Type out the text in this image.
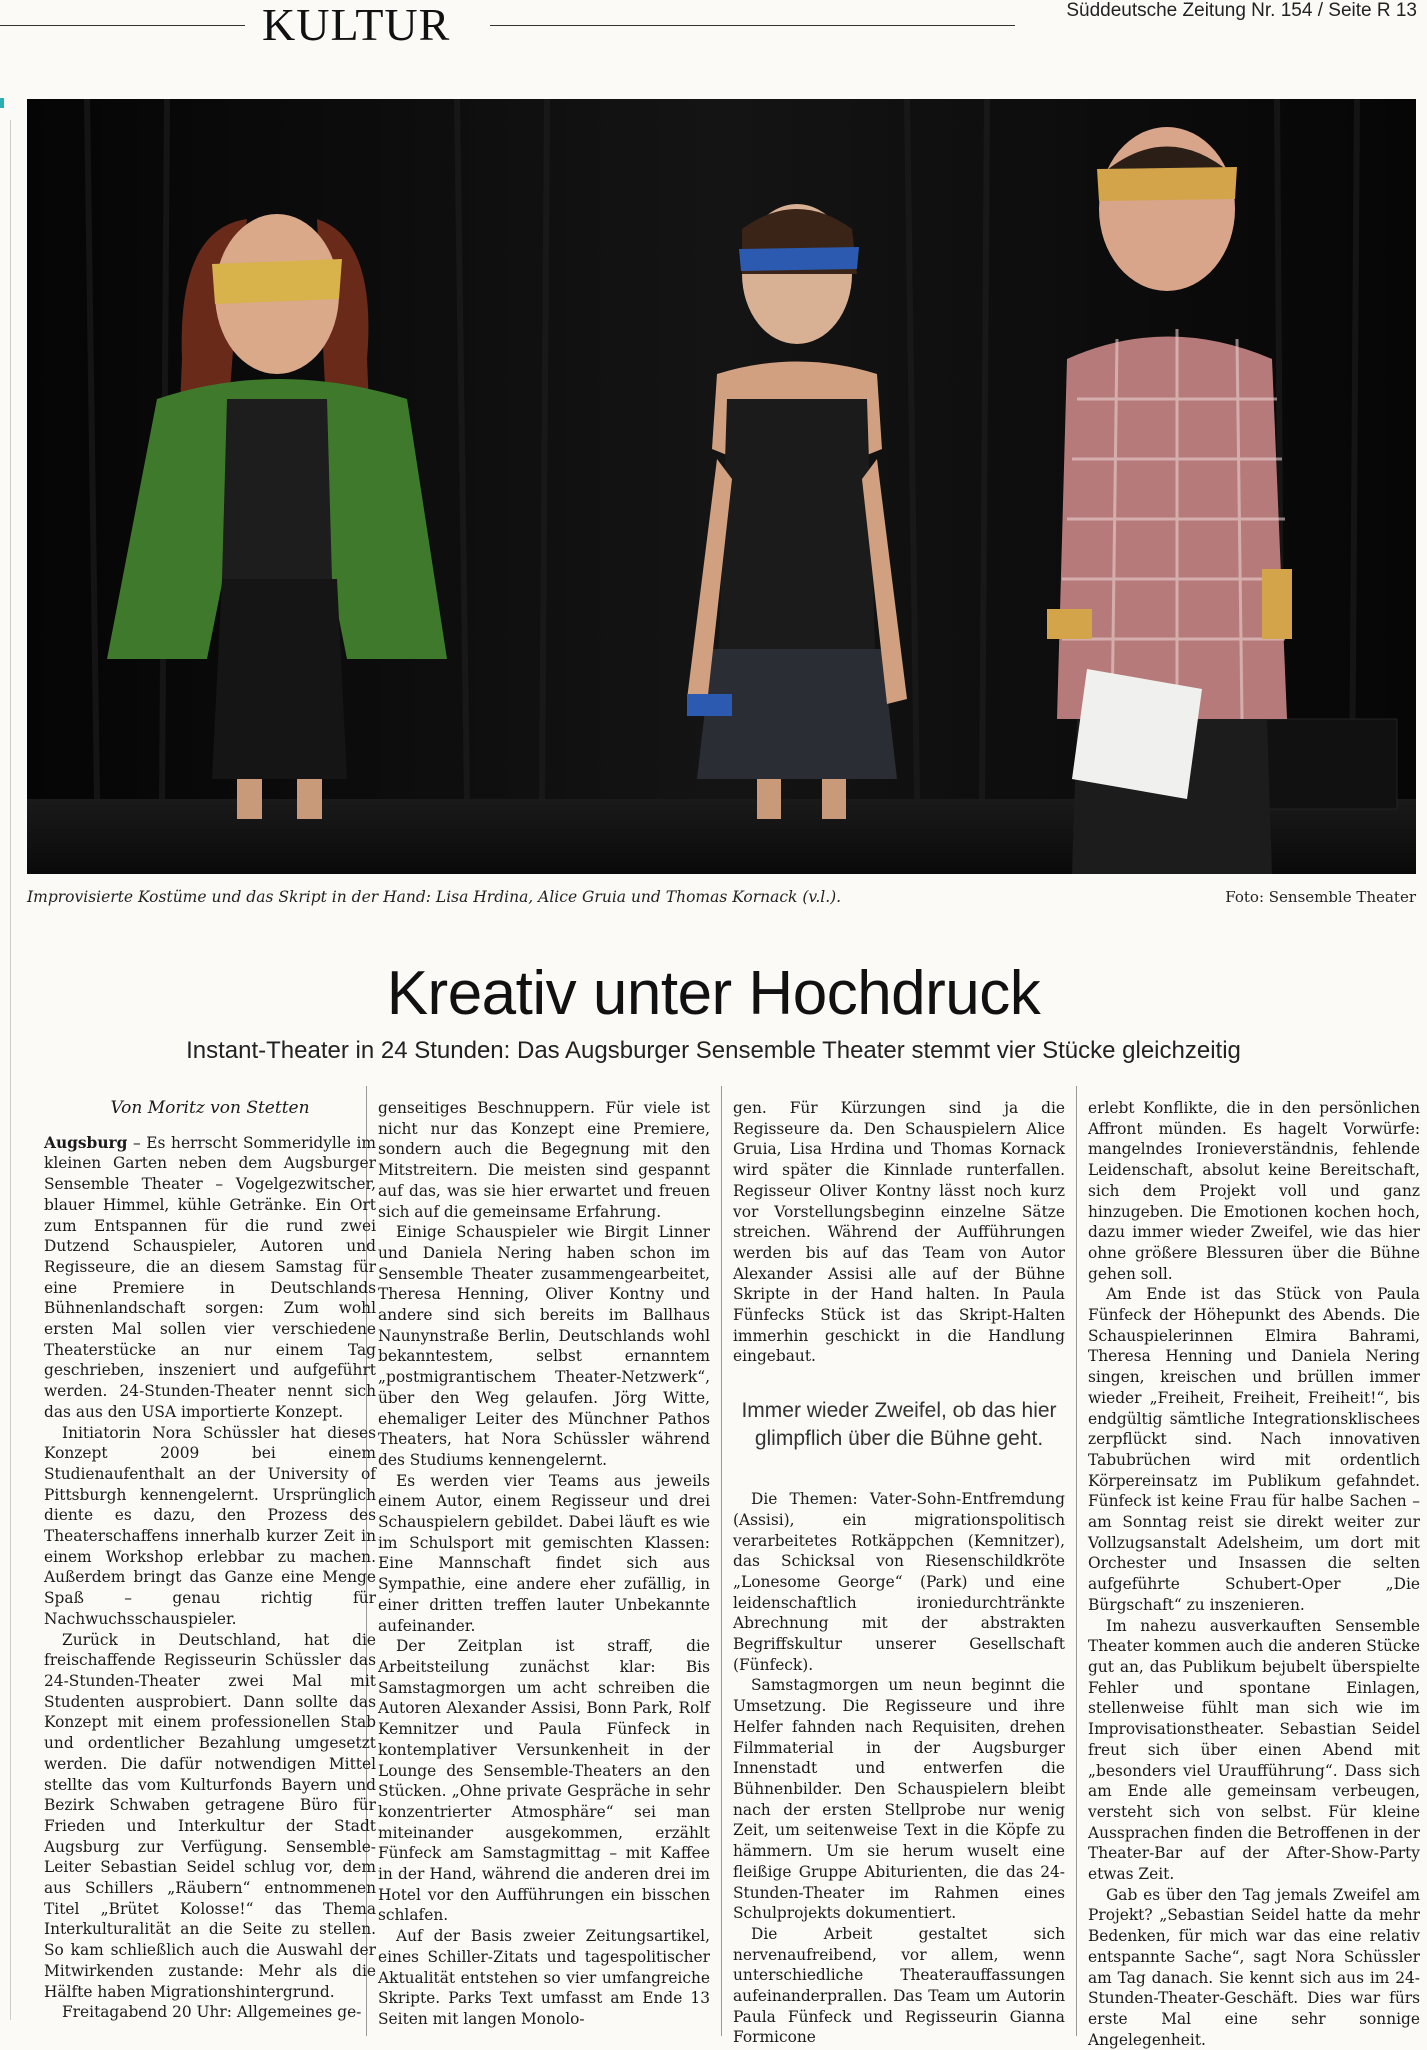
KULTUR	Süddeutsche Zeitung Nr. 154 / Seite R 13
Improvisierte Kostüme und das Skript in der Hand: Lisa Hrdina, Alice Gruia und Thomas Kornack (v.l.).	Foto: Sensemble Theater
Kreativ unter Hochdruck
Instant-Theater in 24 Stunden: Das Augsburger Sensemble Theater stemmt vier Stücke gleichzeitig
Von Moritz von Stetten

Augsburg – Es herrscht Sommeridylle im kleinen Garten neben dem Augsburger Sensemble Theater – Vogelgezwitscher, blauer Himmel, kühle Getränke. Ein Ort zum Entspannen für die rund zwei Dutzend Schauspieler, Autoren und Regisseure, die an diesem Samstag für eine Premiere in Deutschlands Bühnenlandschaft sorgen: Zum wohl ersten Mal sollen vier verschiedene Theaterstücke an nur einem Tag geschrieben, inszeniert und aufgeführt werden. 24-Stunden-Theater nennt sich das aus den USA importierte Konzept.

Initiatorin Nora Schüssler hat dieses Konzept 2009 bei einem Studienaufenthalt an der University of Pittsburgh kennengelernt. Ursprünglich diente es dazu, den Prozess des Theaterschaffens innerhalb kurzer Zeit in einem Workshop erlebbar zu machen. Außerdem bringt das Ganze eine Menge Spaß – genau richtig für Nachwuchsschauspieler.

Zurück in Deutschland, hat die freischaffende Regisseurin Schüssler das 24-Stunden-Theater zwei Mal mit Studenten ausprobiert. Dann sollte das Konzept mit einem professionellen Stab und ordentlicher Bezahlung umgesetzt werden. Die dafür notwendigen Mittel stellte das vom Kulturfonds Bayern und Bezirk Schwaben getragene Büro für Frieden und Interkultur der Stadt Augsburg zur Verfügung. Sensemble-Leiter Sebastian Seidel schlug vor, dem aus Schillers „Räubern“ entnommenen Titel „Brütet Kolosse!“ das Thema Interkulturalität an die Seite zu stellen. So kam schließlich auch die Auswahl der Mitwirkenden zustande: Mehr als die Hälfte haben Migrationshintergrund.

Freitagabend 20 Uhr: Allgemeines ge-

genseitiges Beschnuppern. Für viele ist nicht nur das Konzept eine Premiere, sondern auch die Begegnung mit den Mitstreitern. Die meisten sind gespannt auf das, was sie hier erwartet und freuen sich auf die gemeinsame Erfahrung.

Einige Schauspieler wie Birgit Linner und Daniela Nering haben schon im Sensemble Theater zusammengearbeitet, Theresa Henning, Oliver Kontny und andere sind sich bereits im Ballhaus Naunynstraße Berlin, Deutschlands wohl bekanntestem, selbst ernanntem „postmigrantischem Theater-Netzwerk“, über den Weg gelaufen. Jörg Witte, ehemaliger Leiter des Münchner Pathos Theaters, hat Nora Schüssler während des Studiums kennengelernt.

Es werden vier Teams aus jeweils einem Autor, einem Regisseur und drei Schauspielern gebildet. Dabei läuft es wie im Schulsport mit gemischten Klassen: Eine Mannschaft findet sich aus Sympathie, eine andere eher zufällig, in einer dritten treffen lauter Unbekannte aufeinander.

Der Zeitplan ist straff, die Arbeitsteilung zunächst klar: Bis Samstagmorgen um acht schreiben die Autoren Alexander Assisi, Bonn Park, Rolf Kemnitzer und Paula Fünfeck in kontemplativer Versunkenheit in der Lounge des Sensemble-Theaters an den Stücken. „Ohne private Gespräche in sehr konzentrierter Atmosphäre“ sei man miteinander ausgekommen, erzählt Fünfeck am Samstagmittag – mit Kaffee in der Hand, während die anderen drei im Hotel vor den Aufführungen ein bisschen schlafen.

Auf der Basis zweier Zeitungsartikel, eines Schiller-Zitats und tagespolitischer Aktualität entstehen so vier umfangreiche Skripte. Parks Text umfasst am Ende 13 Seiten mit langen Monolo-

gen. Für Kürzungen sind ja die Regisseure da. Den Schauspielern Alice Gruia, Lisa Hrdina und Thomas Kornack wird später die Kinnlade runterfallen. Regisseur Oliver Kontny lässt noch kurz vor Vorstellungsbeginn einzelne Sätze streichen. Während der Aufführungen werden bis auf das Team von Autor Alexander Assisi alle auf der Bühne Skripte in der Hand halten. In Paula Fünfecks Stück ist das Skript-Halten immerhin geschickt in die Handlung eingebaut.

Immer wieder Zweifel, ob das hier glimpflich über die Bühne geht.

Die Themen: Vater-Sohn-Entfremdung (Assisi), ein migrationspolitisch verarbeitetes Rotkäppchen (Kemnitzer), das Schicksal von Riesenschildkröte „Lonesome George“ (Park) und eine leidenschaftlich ironiedurchtränkte Abrechnung mit der abstrakten Begriffskultur unserer Gesellschaft (Fünfeck).

Samstagmorgen um neun beginnt die Umsetzung. Die Regisseure und ihre Helfer fahnden nach Requisiten, drehen Filmmaterial in der Augsburger Innenstadt und entwerfen die Bühnenbilder. Den Schauspielern bleibt nach der ersten Stellprobe nur wenig Zeit, um seitenweise Text in die Köpfe zu hämmern. Um sie herum wuselt eine fleißige Gruppe Abiturienten, die das 24-Stunden-Theater im Rahmen eines Schulprojekts dokumentiert.

Die Arbeit gestaltet sich nervenaufreibend, vor allem, wenn unterschiedliche Theaterauffassungen aufeinanderprallen. Das Team um Autorin Paula Fünfeck und Regisseurin Gianna Formicone

erlebt Konflikte, die in den persönlichen Affront münden. Es hagelt Vorwürfe: mangelndes Ironieverständnis, fehlende Leidenschaft, absolut keine Bereitschaft, sich dem Projekt voll und ganz hinzugeben. Die Emotionen kochen hoch, dazu immer wieder Zweifel, wie das hier ohne größere Blessuren über die Bühne gehen soll.

Am Ende ist das Stück von Paula Fünfeck der Höhepunkt des Abends. Die Schauspielerinnen Elmira Bahrami, Theresa Henning und Daniela Nering singen, kreischen und brüllen immer wieder „Freiheit, Freiheit, Freiheit!“, bis endgültig sämtliche Integrationsklischees zerpflückt sind. Nach innovativen Tabubrüchen wird mit ordentlich Körpereinsatz im Publikum gefahndet. Fünfeck ist keine Frau für halbe Sachen – am Sonntag reist sie direkt weiter zur Vollzugsanstalt Adelsheim, um dort mit Orchester und Insassen die selten aufgeführte Schubert-Oper „Die Bürgschaft“ zu inszenieren.

Im nahezu ausverkauften Sensemble Theater kommen auch die anderen Stücke gut an, das Publikum bejubelt überspielte Fehler und spontane Einlagen, stellenweise fühlt man sich wie im Improvisationstheater. Sebastian Seidel freut sich über einen Abend mit „besonders viel Uraufführung“. Dass sich am Ende alle gemeinsam verbeugen, versteht sich von selbst. Für kleine Aussprachen finden die Betroffenen in der Theater-Bar auf der After-Show-Party etwas Zeit.

Gab es über den Tag jemals Zweifel am Projekt? „Sebastian Seidel hatte da mehr Bedenken, für mich war das eine relativ entspannte Sache“, sagt Nora Schüssler am Tag danach. Sie kennt sich aus im 24-Stunden-Theater-Geschäft. Dies war fürs erste Mal eine sehr sonnige Angelegenheit.
